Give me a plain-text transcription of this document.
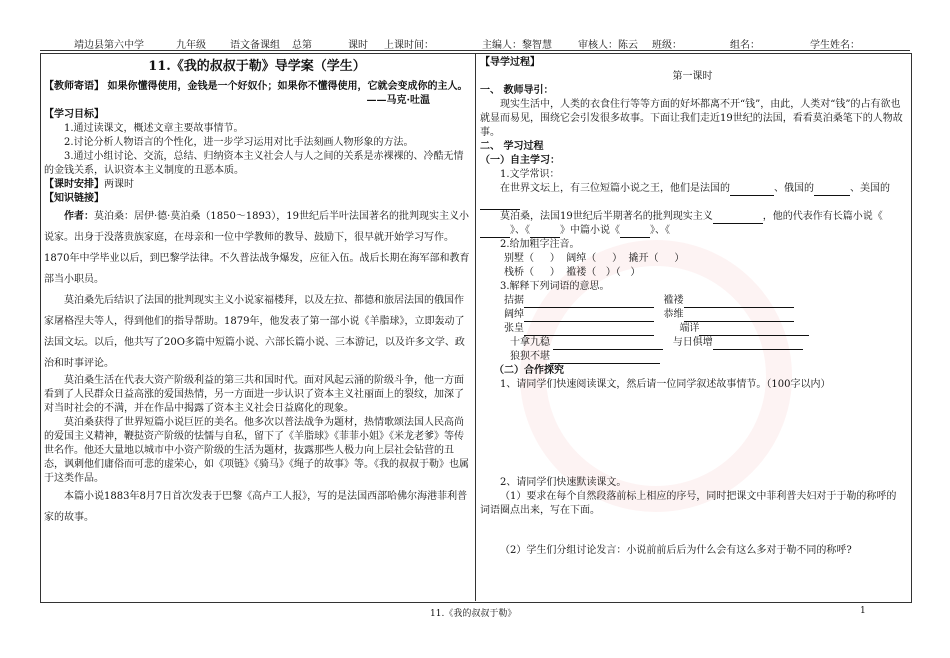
靖边县第六中学	九年级 语文备课组 总第	课时 上课时间：	主编人：黎智慧	审核人：陈云 班级：	组名：	学生姓名：
11.《我的叔叔于勒》导学案（学生）

【教师寄语】 如果你懂得使用，金钱是一个好奴仆；如果你不懂得使用，它就会变成你的主人。

——马克·吐温

【学习目标】

1.通过读课文，概述文章主要故事情节。

2.讨论分析人物语言的个性化，进一步学习运用对比手法刻画人物形象的方法。

3.通过小组讨论、交流，总结、归纳资本主义社会人与人之间的关系是赤裸裸的、冷酷无情的金钱关系，认识资本主义制度的丑恶本质。

【课时安排】两课时

【知识链接】

作者：莫泊桑：居伊·德·莫泊桑（1850～1893），19世纪后半叶法国著名的批判现实主义小说家。出身于没落贵族家庭，在母亲和一位中学教师的教导、鼓励下，很早就开始学习写作。1870年中学毕业以后，到巴黎学法律。不久普法战争爆发，应征入伍。战后长期在海军部和教育部当小职员。

莫泊桑先后结识了法国的批判现实主义小说家福楼拜，以及左拉、都德和旅居法国的俄国作家屠格涅夫等人，得到他们的指导帮助。1879年，他发表了第一部小说《羊脂球》，立即轰动了法国文坛。以后，他共写了20O多篇中短篇小说、六部长篇小说、三本游记，以及许多文学、政治和时事评论。

莫泊桑生活在代表大资产阶级利益的第三共和国时代。面对风起云涌的阶级斗争，他一方面看到了人民群众日益高涨的爱国热情，另一方面进一步认识了资本主义社丽面上的裂纹，加深了对当时社会的不满，并在作品中揭露了资本主义社会日益腐化的现象。

莫泊桑获得了世界短篇小说巨匠的美名。他多次以普法战争为题材，热情歌颂法国人民高尚的爱国主义精神，鞭挞资产阶级的怯懦与自私，留下了《羊脂球》《菲菲小姐》《米龙老爹》等传世名作。他还大量地以城市中小资产阶级的生活为题材，抜露那些人极力向上层社会钻营的丑态，讽刺他们庸俗而可悲的虚荣心，如《项链》《骑马》《绳子的故事》等。《我的叔叔于勒》也属于这类作品。

本篇小说1883年8月7日首次发表于巴黎《高卢工人报》，写的是法国西部哈佛尔海港菲利普家的故事。

【导学过程】

第一课时

一、 教师导引：

现实生活中，人类的衣食住行等等方面的好坏都离不开“钱”，由此，人类对“钱”的占有欲也就显而易见，围绕它会引发很多故事。下面让我们走近19世纪的法国，看看莫泊桑笔下的人物故事。

二、 学习过程

（一）自主学习：

1.文学常识：

在世界文坛上，有三位短篇小说之王，他们是法国的	、俄国的	、美国的

莫泊桑，法国19世纪后半期著名的批判现实主义	，他的代表作有长篇小说《》、《	》中篇小说《	》、《

2.给加粗字注音。

别墅（     ）  阔绰（     ）  撬开（     ）

栈桥（     ）  褴褛（ ）（   ）

3.解释下列词语的意思。

拮据	褴褛

阔绰	恭维

张皇	端详

十拿九稳	与日俱增

狼狈不堪

（二）合作探究

1、请同学们快速阅读课文，然后请一位同学叙述故事情节。（100字以内）

2、请同学们快速默读课文。

（1）要求在每个自然段落前标上相应的序号，同时把课文中菲利普夫妇对于于勒的称呼的词语圈点出来，写在下面。

（2）学生们分组讨论发言：小说前前后后为什么会有这么多对于勒不同的称呼?

11.《我的叔叔于勒》	1
